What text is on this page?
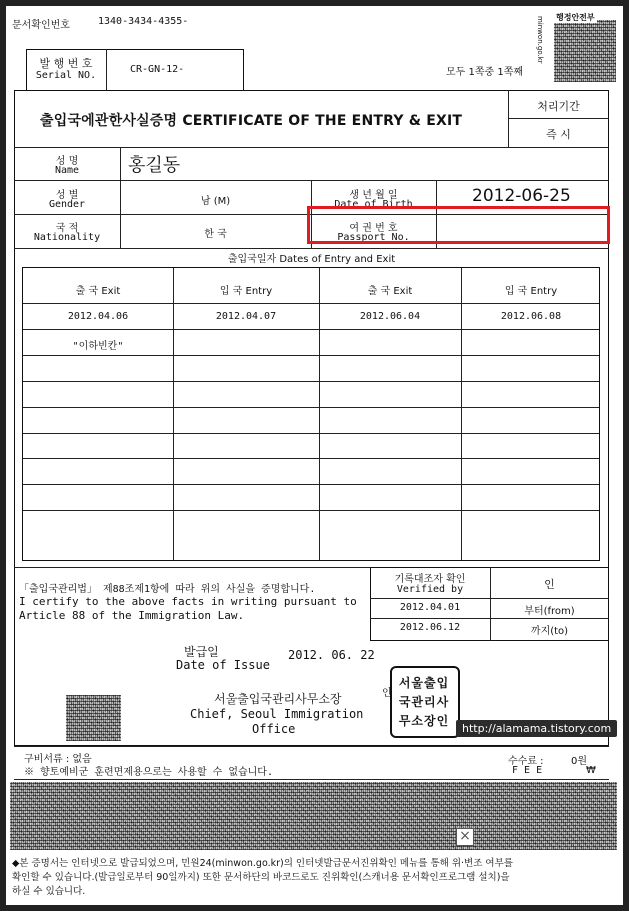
문서확인번호	1340-3434-4355-
발 행 번 호
Serial NO.
CR-GN-12-	모두 1쪽중 1쪽째
minwon.go.kr 행정안전부
출입국에관한사실증명 CERTIFICATE OF THE ENTRY & EXIT
처리기간
즉 시
성 명
Name	홍길동
성 별
Gender	남 (M)
생 년 월 일
Date of Birth	2012-06-25
국 적
Nationality	한 국
여 권 번 호
Passport No.
출입국일자 Dates of Entry and Exit
출 국 Exit	입 국 Entry	출 국 Exit	입 국 Entry
2012.04.06	2012.04.07	2012.06.04	2012.06.08
"이하빈칸"
「출입국관리법」 제88조제1항에 따라 위의 사실을 증명합니다.
I certify to the above facts in writing pursuant to
Article 88 of the Immigration Law.
기록대조자 확인
Verified by	인
2012.04.01	부터(from)
2012.06.12	까지(to)
발급일
Date of Issue
2012. 06. 22
서울출입국관리사무소장
Chief, Seoul Immigration
Office
인
서울출입
국관리사
무소장인
http://alamama.tistory.com
구비서류 : 없음
※ 향토예비군 훈련면제용으로는 사용할 수 없습니다.
수수료 :	0원
F E E	₩
×
◆본 증명서는 인터넷으로 발급되었으며, 민원24(minwon.go.kr)의 인터넷발급문서진위확인 메뉴를 통해 위·변조 여부를
확인할 수 있습니다.(발급일로부터 90일까지) 또한 문서하단의 바코드로도 진위확인(스캐너용 문서확인프로그램 설치)을
하실 수 있습니다.
